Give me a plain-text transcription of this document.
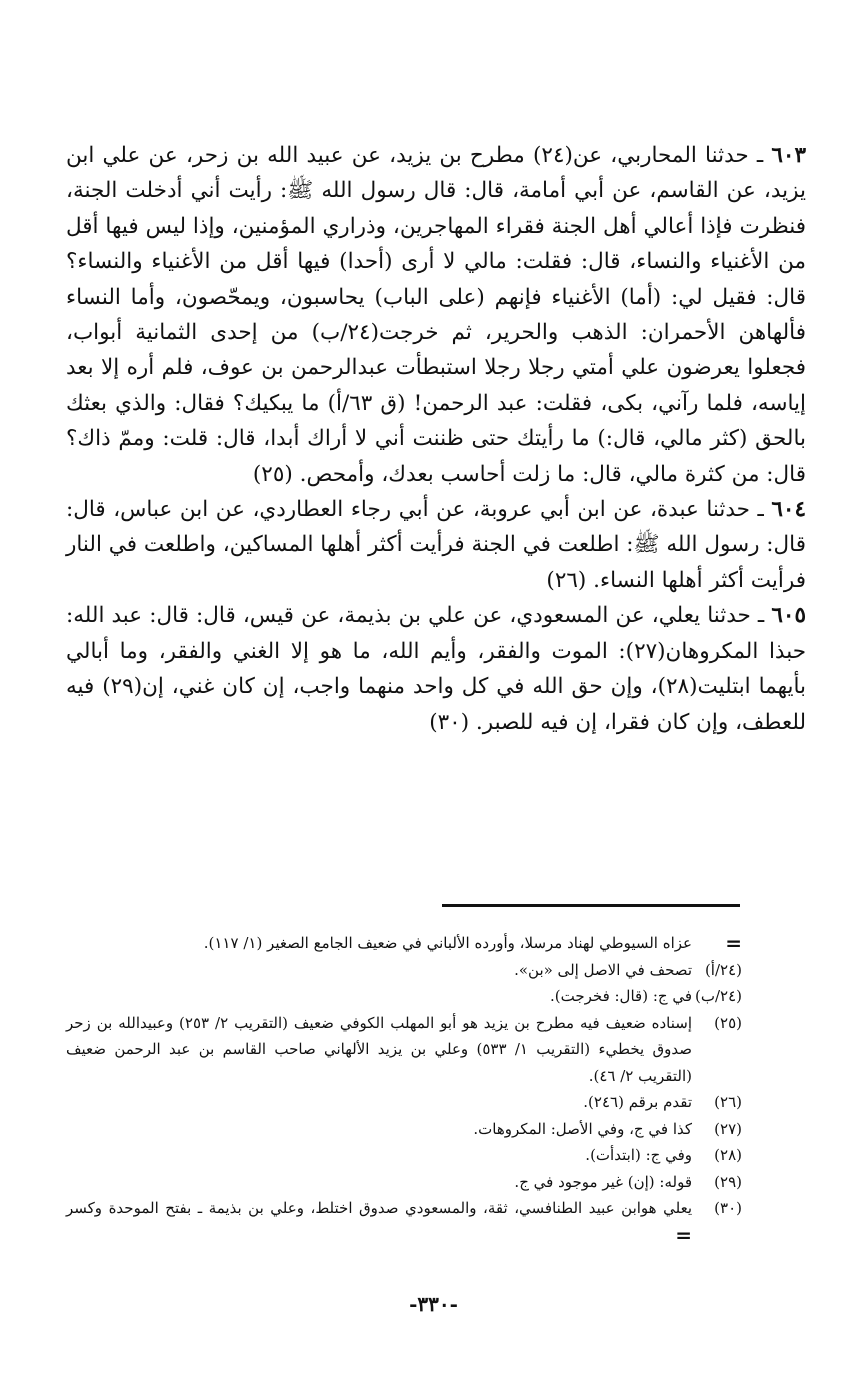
٦٠٣ ـ حدثنا المحاربي، عن(٢٤) مطرح بن يزيد، عن عبيد الله بن زحر، عن علي ابن يزيد، عن القاسم، عن أبي أمامة، قال: قال رسول الله ﷺ: رأيت أني أدخلت الجنة، فنظرت فإذا أعالي أهل الجنة فقراء المهاجرين، وذراري المؤمنين، وإذا ليس فيها أقل من الأغنياء والنساء، قال: فقلت: مالي لا أرى (أحدا) فيها أقل من الأغنياء والنساء؟ قال: فقيل لي: (أما) الأغنياء فإنهم (على الباب) يحاسبون، ويمحّصون، وأما النساء فألهاهن الأحمران: الذهب والحرير، ثم خرجت(٢٤/ب) من إحدى الثمانية أبواب، فجعلوا يعرضون علي أمتي رجلا رجلا استبطأت عبدالرحمن بن عوف، فلم أره إلا بعد إياسه، فلما رآني، بكى، فقلت: عبد الرحمن! (ق ٦٣/أ) ما يبكيك؟ فقال: والذي بعثك بالحق (كثر مالي، قال:) ما رأيتك حتى ظننت أني لا أراك أبدا، قال: قلت: وممّ ذاك؟ قال: من كثرة مالي، قال: ما زلت أحاسب بعدك، وأمحص. (٢٥)

٦٠٤ ـ حدثنا عبدة، عن ابن أبي عروبة، عن أبي رجاء العطاردي، عن ابن عباس، قال: قال: رسول الله ﷺ: اطلعت في الجنة فرأيت أكثر أهلها المساكين، واطلعت في النار فرأيت أكثر أهلها النساء. (٢٦)

٦٠٥ ـ حدثنا يعلي، عن المسعودي، عن علي بن بذيمة، عن قيس، قال: قال: عبد الله: حبذا المكروهان(٢٧): الموت والفقر، وأيم الله، ما هو إلا الغني والفقر، وما أبالي بأيهما ابتليت(٢٨)، وإن حق الله في كل واحد منهما واجب، إن كان غني، إن(٢٩) فيه للعطف، وإن كان فقرا، إن فيه للصبر. (٣٠)

=
عزاه السيوطي لهناد مرسلا، وأورده الألباني في ضعيف الجامع الصغير (١/ ١١٧).
(٢٤/أ)
تصحف في الاصل إلى «بن».
(٢٤/ب)
في ج: (قال: فخرجت).
(٢٥)
إسناده ضعيف فيه مطرح بن يزيد هو أبو المهلب الكوفي ضعيف (التقريب ٢/ ٢٥٣) وعبيدالله بن زحر صدوق يخطيء (التقريب ١/ ٥٣٣) وعلي بن يزيد الألهاني صاحب القاسم بن عبد الرحمن ضعيف (التقريب ٢/ ٤٦).
(٢٦)
تقدم برقم (٢٤٦).
(٢٧)
كذا في ج، وفي الأصل: المكروهات.
(٢٨)
وفي ج: (ابتدأت).
(٢٩)
قوله: (إن) غير موجود في ج.
(٣٠)
يعلي هوابن عبيد الطنافسي، ثقة، والمسعودي صدوق اختلط، وعلي بن بذيمة ـ بفتح الموحدة وكسر =
-٣٣٠-
